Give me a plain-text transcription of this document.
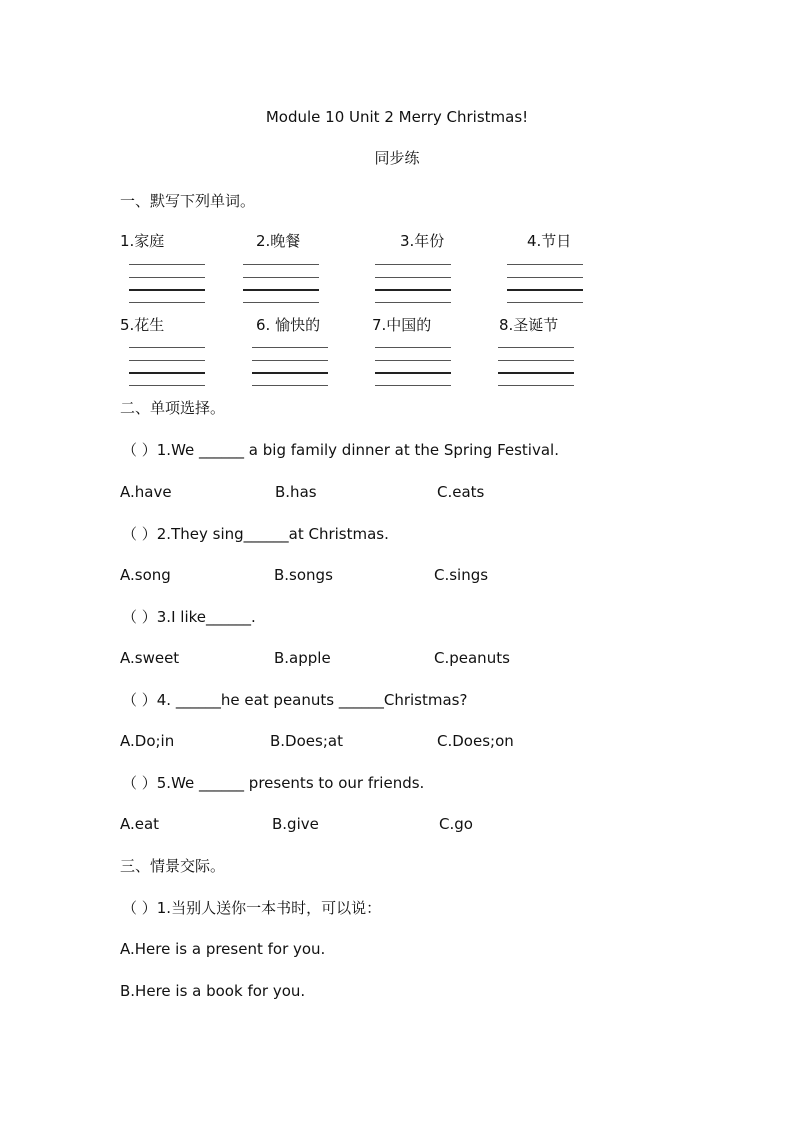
Module 10 Unit 2 Merry Christmas!
同步练
一、默写下列单词。
1.家庭	2.晚餐	3.年份	4.节日
5.花生	6. 愉快的	7.中国的	8.圣诞节
二、单项选择。
（ ）1.We ______ a big family dinner at the Spring Festival.
A.have	B.has	C.eats
（ ）2.They sing______at Christmas.
A.song	B.songs	C.sings
（ ）3.I like______.
A.sweet	B.apple	C.peanuts
（ ）4. ______he eat peanuts ______Christmas?
A.Do;in	B.Does;at	C.Does;on
（ ）5.We ______ presents to our friends.
A.eat	B.give	C.go
三、情景交际。
（ ）1.当别人送你一本书时，可以说：
A.Here is a present for you.
B.Here is a book for you.
